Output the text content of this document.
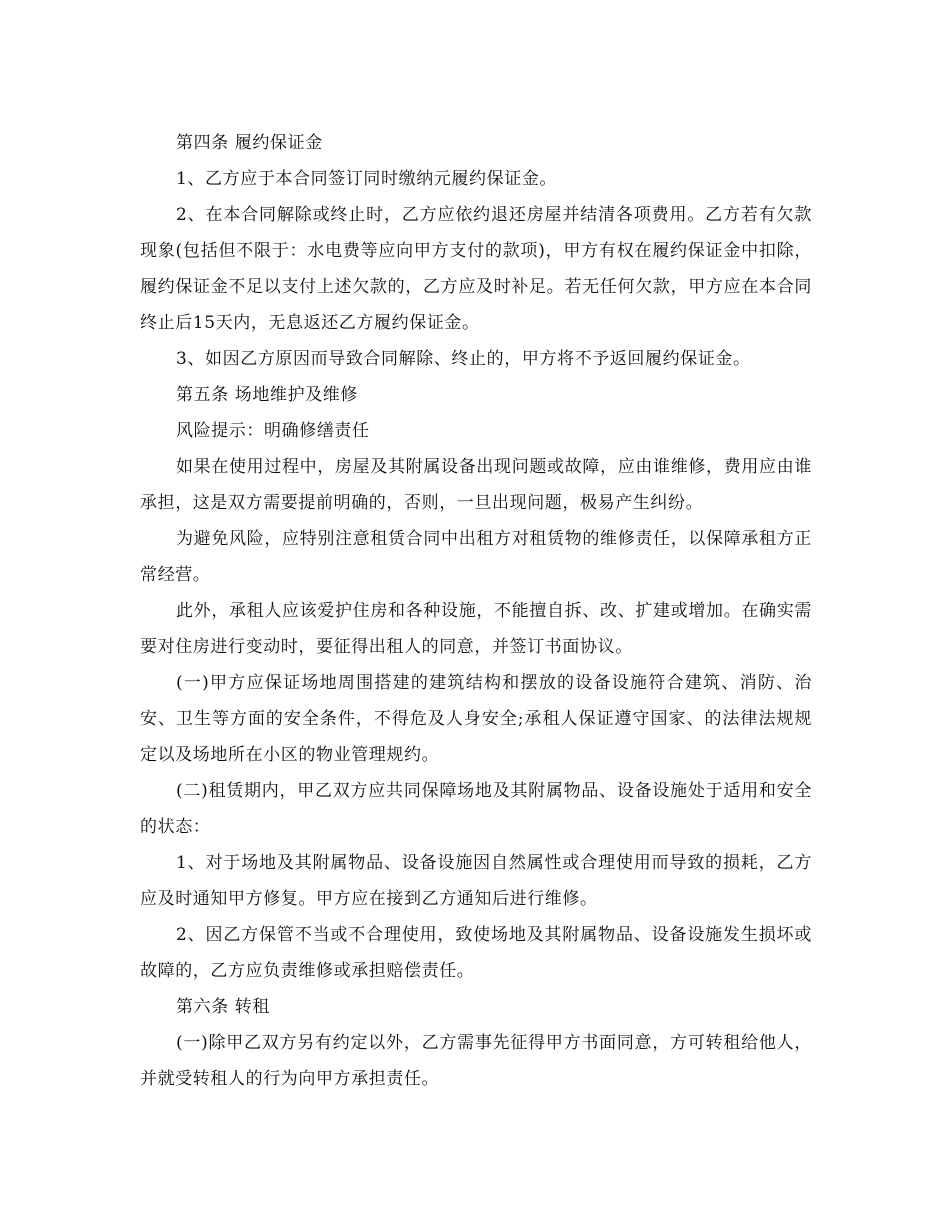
第四条 履约保证金

1、乙方应于本合同签订同时缴纳元履约保证金。

2、在本合同解除或终止时，乙方应依约退还房屋并结清各项费用。乙方若有欠款现象(包括但不限于：水电费等应向甲方支付的款项)，甲方有权在履约保证金中扣除，履约保证金不足以支付上述欠款的，乙方应及时补足。若无任何欠款，甲方应在本合同终止后15天内，无息返还乙方履约保证金。

3、如因乙方原因而导致合同解除、终止的，甲方将不予返回履约保证金。

第五条 场地维护及维修

风险提示：明确修缮责任

如果在使用过程中，房屋及其附属设备出现问题或故障，应由谁维修，费用应由谁承担，这是双方需要提前明确的，否则，一旦出现问题，极易产生纠纷。

为避免风险，应特别注意租赁合同中出租方对租赁物的维修责任，以保障承租方正常经营。

此外，承租人应该爱护住房和各种设施，不能擅自拆、改、扩建或增加。在确实需要对住房进行变动时，要征得出租人的同意，并签订书面协议。

(一)甲方应保证场地周围搭建的建筑结构和摆放的设备设施符合建筑、消防、治安、卫生等方面的安全条件，不得危及人身安全;承租人保证遵守国家、的法律法规规定以及场地所在小区的物业管理规约。

(二)租赁期内，甲乙双方应共同保障场地及其附属物品、设备设施处于适用和安全的状态：

1、对于场地及其附属物品、设备设施因自然属性或合理使用而导致的损耗，乙方应及时通知甲方修复。甲方应在接到乙方通知后进行维修。

2、因乙方保管不当或不合理使用，致使场地及其附属物品、设备设施发生损坏或故障的，乙方应负责维修或承担赔偿责任。

第六条 转租

(一)除甲乙双方另有约定以外，乙方需事先征得甲方书面同意，方可转租给他人，并就受转租人的行为向甲方承担责任。
